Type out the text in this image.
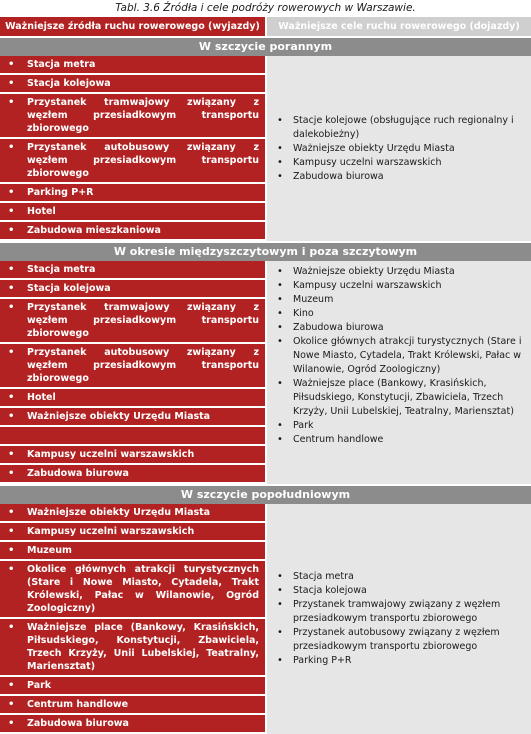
Tabl. 3.6 Źródła i cele podróży rowerowych w Warszawie.
Ważniejsze źródła ruchu rowerowego (wyjazdy)	Ważniejsze cele ruchu rowerowego (dojazdy)
W szczycie porannym
• Stacja metra
• Stacja kolejowa
• Przystanek tramwajowy związany z węzłem przesiadkowym transportu zbiorowego
• Przystanek autobusowy związany z węzłem przesiadkowym transportu zbiorowego
• Parking P+R
• Hotel
• Zabudowa mieszkaniowa
• Stacje kolejowe (obsługujące ruch regionalny i dalekobieżny)
• Ważniejsze obiekty Urzędu Miasta
• Kampusy uczelni warszawskich
• Zabudowa biurowa
W okresie międzyszczytowym i poza szczytowym
• Stacja metra
• Stacja kolejowa
• Przystanek tramwajowy związany z węzłem przesiadkowym transportu zbiorowego
• Przystanek autobusowy związany z węzłem przesiadkowym transportu zbiorowego
• Hotel
• Ważniejsze obiekty Urzędu Miasta

• Kampusy uczelni warszawskich
• Zabudowa biurowa
• Ważniejsze obiekty Urzędu Miasta
• Kampusy uczelni warszawskich
• Muzeum
• Kino
• Zabudowa biurowa
• Okolice głównych atrakcji turystycznych (Stare i Nowe Miasto, Cytadela, Trakt Królewski, Pałac w Wilanowie, Ogród Zoologiczny)
• Ważniejsze place (Bankowy, Krasińskich, Piłsudskiego, Konstytucji, Zbawiciela, Trzech Krzyży, Unii Lubelskiej, Teatralny, Mariensztat)
• Park
• Centrum handlowe
W szczycie popołudniowym
• Ważniejsze obiekty Urzędu Miasta
• Kampusy uczelni warszawskich
• Muzeum
• Okolice głównych atrakcji turystycznych (Stare i Nowe Miasto, Cytadela, Trakt Królewski, Pałac w Wilanowie, Ogród Zoologiczny)
• Ważniejsze place (Bankowy, Krasińskich, Piłsudskiego, Konstytucji, Zbawiciela, Trzech Krzyży, Unii Lubelskiej, Teatralny, Mariensztat)
• Park
• Centrum handlowe
• Zabudowa biurowa
• Stacja metra
• Stacja kolejowa
• Przystanek tramwajowy związany z węzłem przesiadkowym transportu zbiorowego
• Przystanek autobusowy związany z węzłem przesiadkowym transportu zbiorowego
• Parking P+R
